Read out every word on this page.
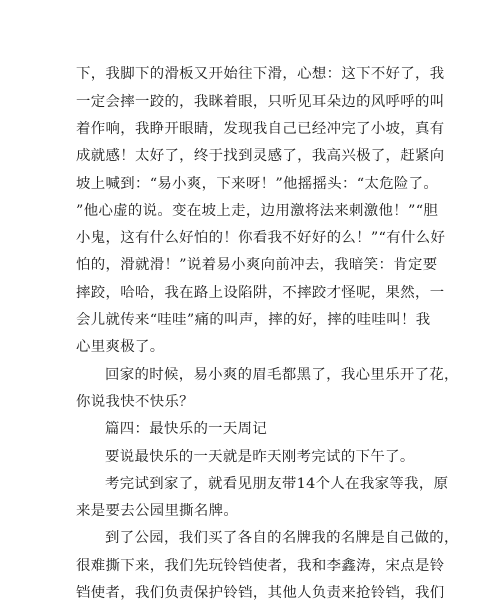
下，我脚下的滑板又开始往下滑，心想：这下不好了，我
一定会摔一跤的，我眯着眼，只听见耳朵边的风呼呼的叫
着作响，我睁开眼睛，发现我自己已经冲完了小坡，真有
成就感！太好了，终于找到灵感了，我高兴极了，赶紧向
坡上喊到：“易小爽，下来呀！”他摇摇头：“太危险了。
”他心虚的说。变在坡上走，边用激将法来刺激他！”“胆
小鬼，这有什么好怕的！你看我不好好的么！”“有什么好
怕的，滑就滑！”说着易小爽向前冲去，我暗笑：肯定要
摔跤，哈哈，我在路上设陷阱，不摔跤才怪呢，果然，一
会儿就传来“哇哇”痛的叫声，摔的好，摔的哇哇叫！我
心里爽极了。
回家的时候，易小爽的眉毛都黑了，我心里乐开了花，
你说我快不快乐？
篇四：最快乐的一天周记
要说最快乐的一天就是昨天刚考完试的下午了。
考完试到家了，就看见朋友带14个人在我家等我，原
来是要去公园里撕名牌。
到了公园，我们买了各自的名牌我的名牌是自己做的，
很难撕下来，我们先玩铃铛使者，我和李鑫涛，宋点是铃
铛使者，我们负责保护铃铛，其他人负责来抢铃铛，我们
